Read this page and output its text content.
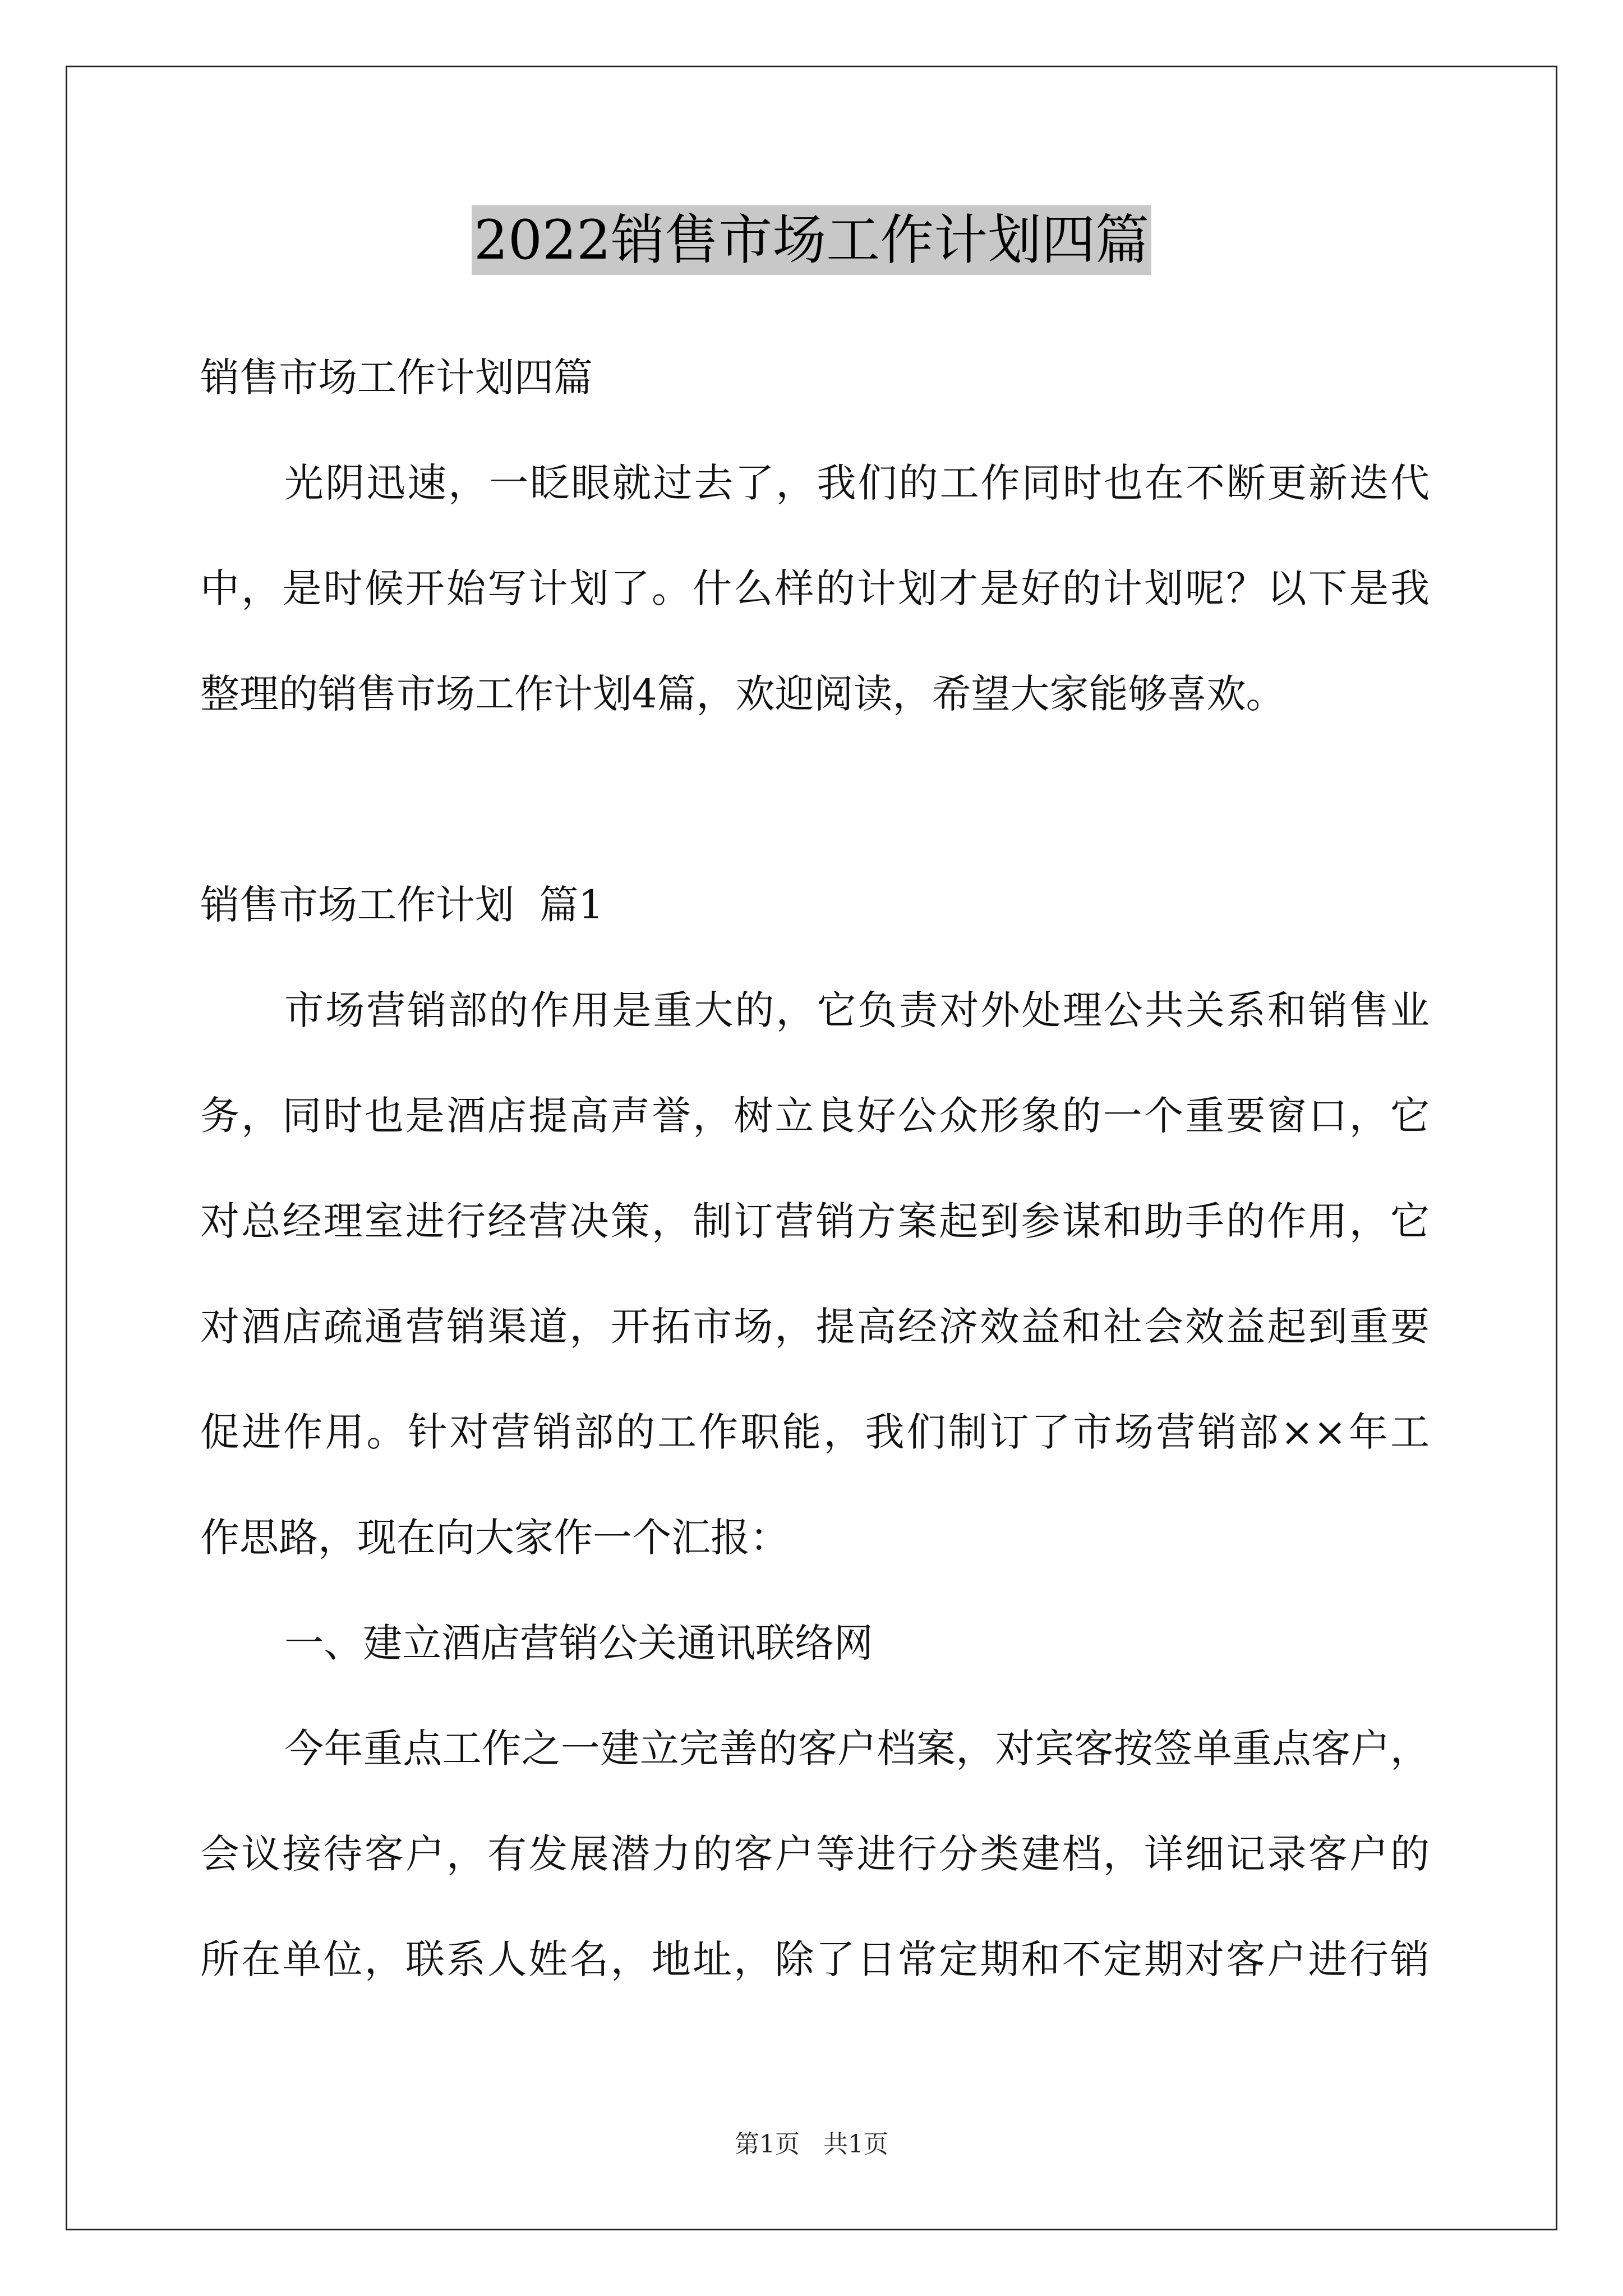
2022销售市场工作计划四篇
销售市场工作计划四篇
光阴迅速，一眨眼就过去了，我们的工作同时也在不断更新迭代
中，是时候开始写计划了。什么样的计划才是好的计划呢？以下是我
整理的销售市场工作计划4篇，欢迎阅读，希望大家能够喜欢。
销售市场工作计划  篇1
市场营销部的作用是重大的，它负责对外处理公共关系和销售业
务，同时也是酒店提高声誉，树立良好公众形象的一个重要窗口，它
对总经理室进行经营决策，制订营销方案起到参谋和助手的作用，它
对酒店疏通营销渠道，开拓市场，提高经济效益和社会效益起到重要
促进作用。针对营销部的工作职能，我们制订了市场营销部××年工
作思路，现在向大家作一个汇报：
一、建立酒店营销公关通讯联络网
今年重点工作之一建立完善的客户档案，对宾客按签单重点客户，
会议接待客户，有发展潜力的客户等进行分类建档，详细记录客户的
所在单位，联系人姓名，地址，除了日常定期和不定期对客户进行销
第1页   共1页
